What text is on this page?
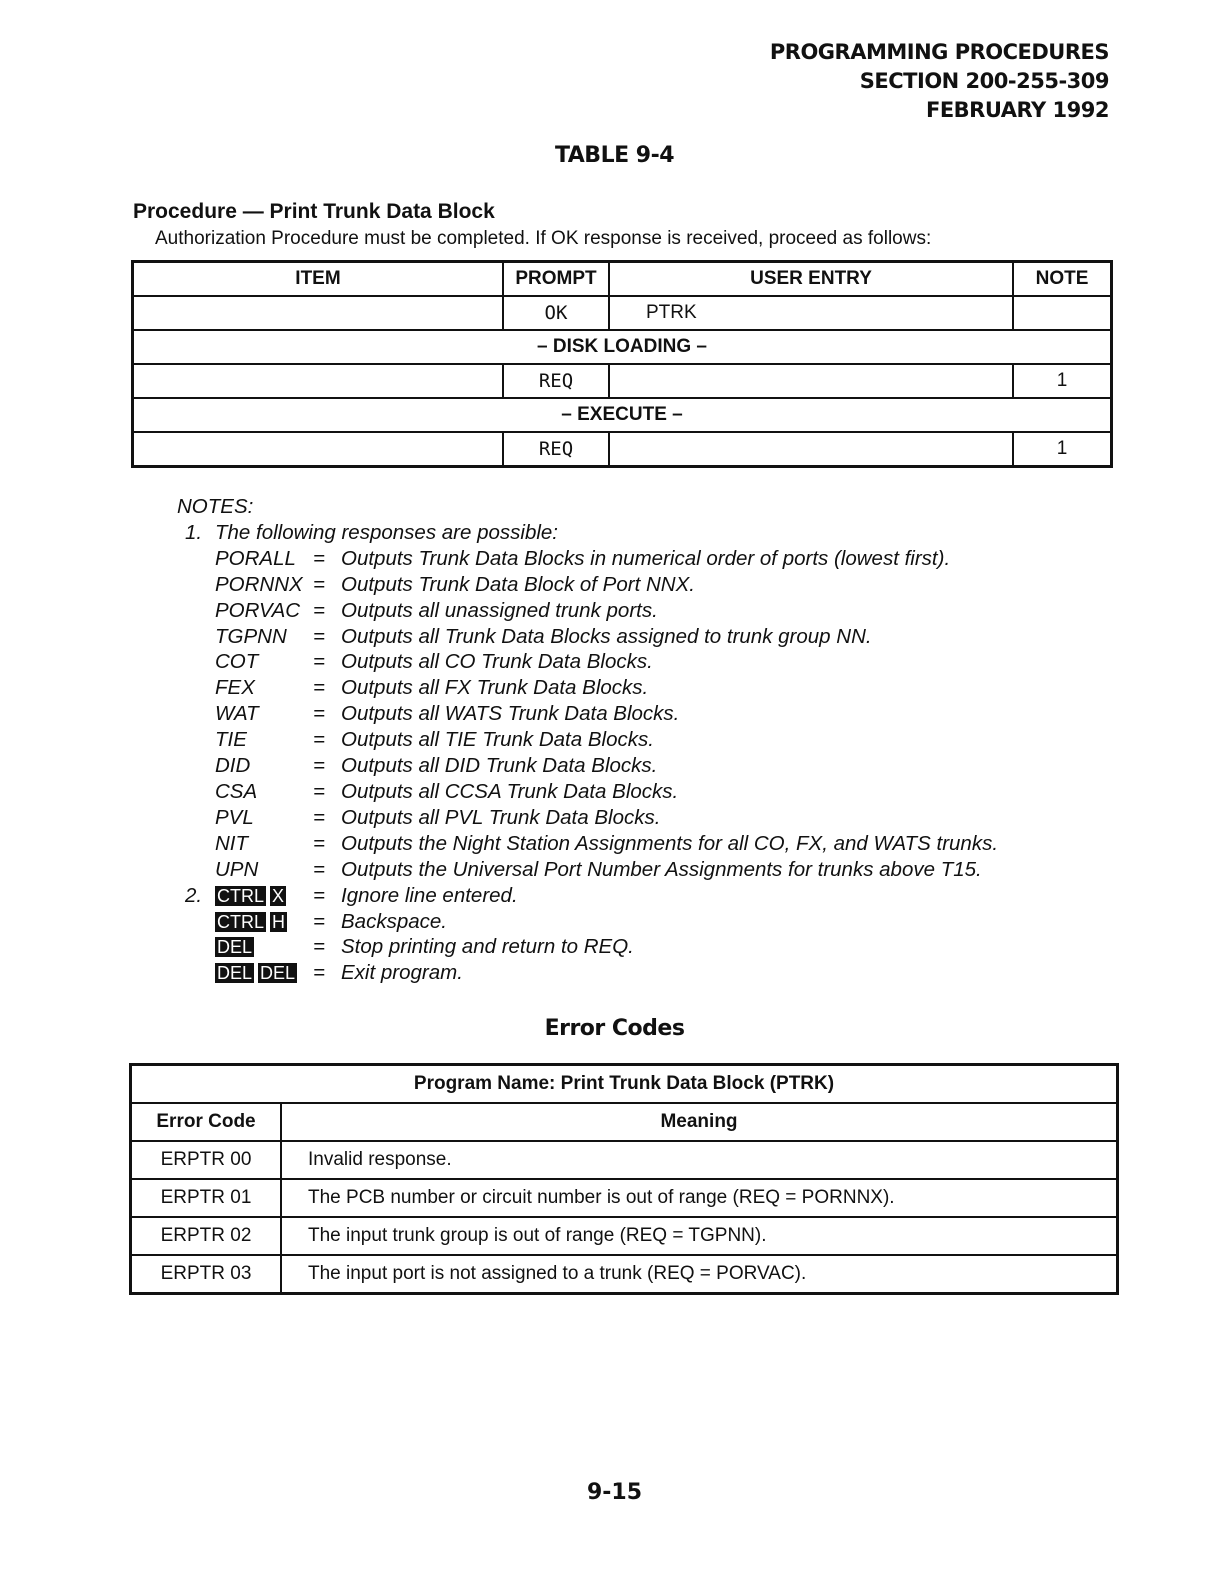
PROGRAMMING PROCEDURES
SECTION 200-255-309
FEBRUARY 1992
TABLE 9-4
Procedure — Print Trunk Data Block
Authorization Procedure must be completed. If OK response is received, proceed as follows:
ITEM	PROMPT	USER ENTRY	NOTE
	OK	PTRK	
– DISK LOADING –			
	REQ		1
– EXECUTE –			
	REQ		1
NOTES:
1. The following responses are possible:
PORALL = Outputs Trunk Data Blocks in numerical order of ports (lowest first).
PORNNX = Outputs Trunk Data Block of Port NNX.
PORVAC = Outputs all unassigned trunk ports.
TGPNN	= Outputs all Trunk Data Blocks assigned to trunk group NN.
COT	= Outputs all CO Trunk Data Blocks.
FEX	= Outputs all FX Trunk Data Blocks.
WAT	= Outputs all WATS Trunk Data Blocks.
TIE	= Outputs all TIE Trunk Data Blocks.
DID	= Outputs all DID Trunk Data Blocks.
CSA	= Outputs all CCSA Trunk Data Blocks.
PVL	= Outputs all PVL Trunk Data Blocks.
NIT	= Outputs the Night Station Assignments for all CO, FX, and WATS trunks.
UPN	= Outputs the Universal Port Number Assignments for trunks above T15.
2. CTRL X	= Ignore line entered.
CTRL H	= Backspace.
DEL	= Stop printing and return to REQ.
DEL DEL = Exit program.
Error Codes
Program Name: Print Trunk Data Block (PTRK)	
Error Code	Meaning
ERPTR 00	Invalid response.
ERPTR 01	The PCB number or circuit number is out of range (REQ = PORNNX).
ERPTR 02	The input trunk group is out of range (REQ = TGPNN).
ERPTR 03	The input port is not assigned to a trunk (REQ = PORVAC).
9-15
